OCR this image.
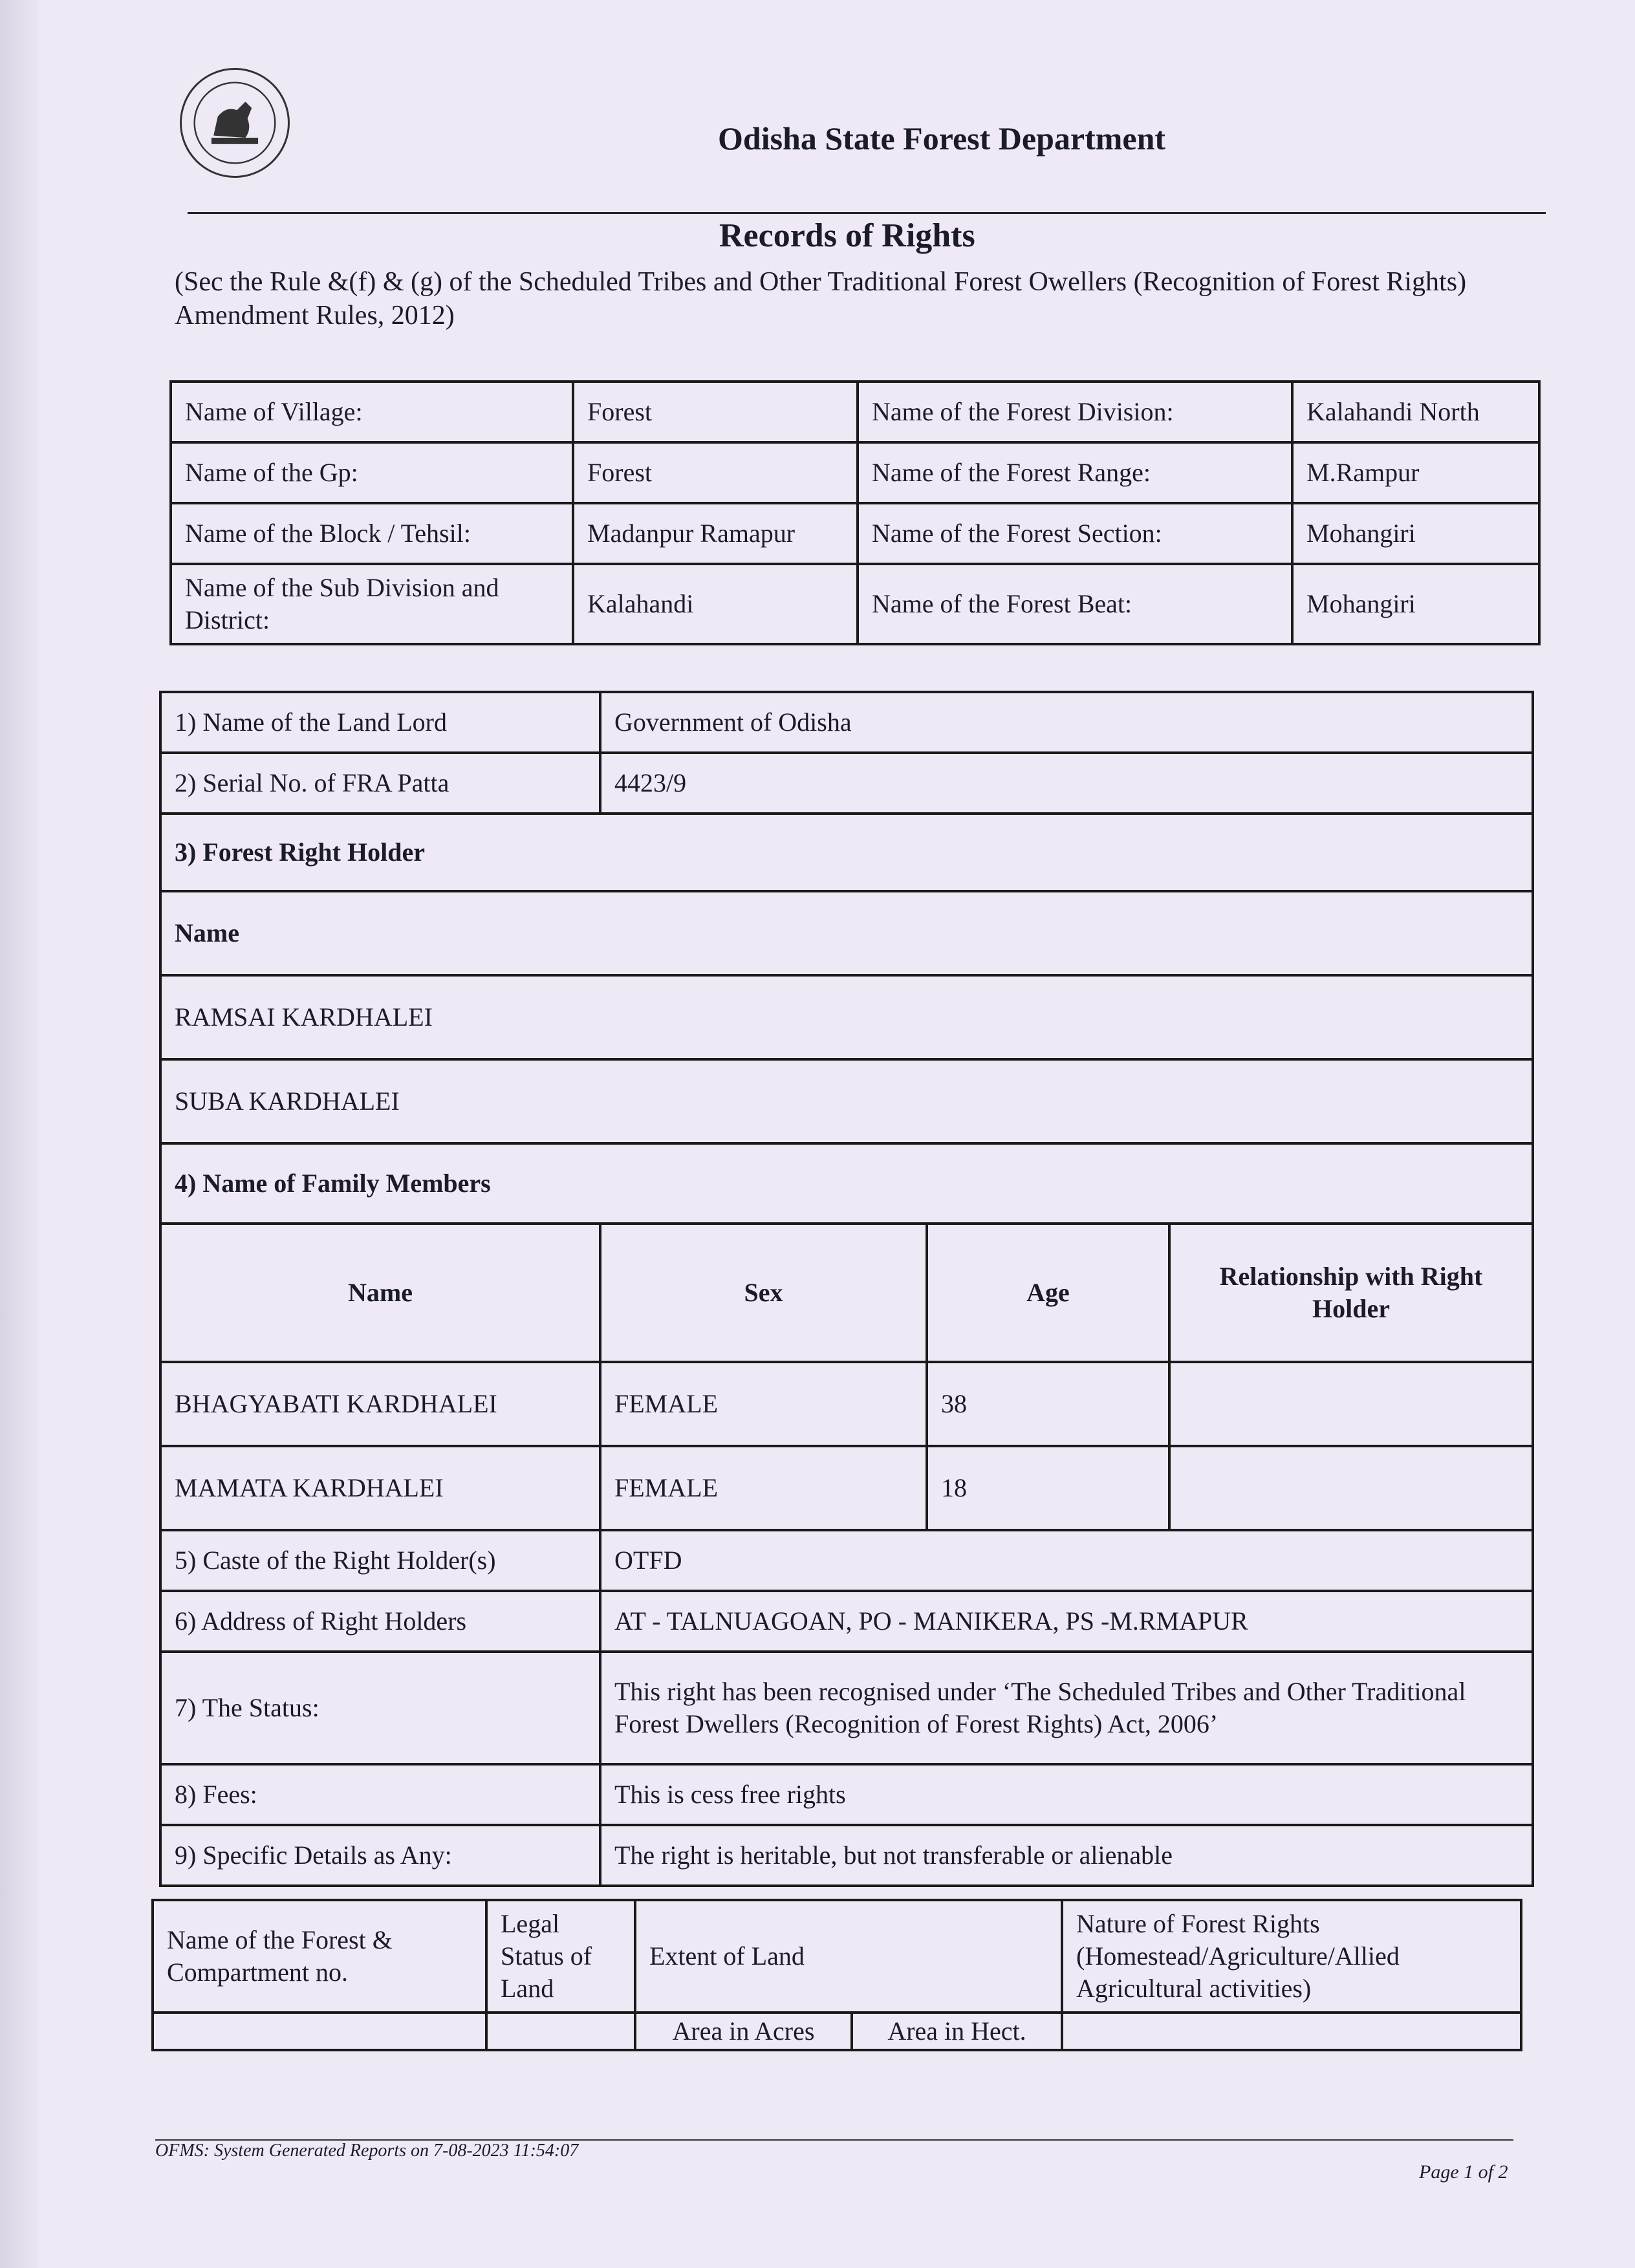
Odisha State Forest Department
Records of Rights
(Sec the Rule &(f) & (g) of the Scheduled Tribes and Other Traditional Forest Owellers (Recognition of Forest Rights) Amendment Rules, 2012)
Name of Village:	Forest	Name of the Forest Division:	Kalahandi North
Name of the Gp:	Forest	Name of the Forest Range:	M.Rampur
Name of the Block / Tehsil:	Madanpur Ramapur	Name of the Forest Section:	Mohangiri
Name of the Sub Division and District:	Kalahandi	Name of the Forest Beat:	Mohangiri
1) Name of the Land Lord	Government of Odisha		
2) Serial No. of FRA Patta	4423/9		
3) Forest Right Holder			
Name			
RAMSAI KARDHALEI			
SUBA KARDHALEI			
4) Name of Family Members			
Name	Sex	Age	Relationship with Right Holder
BHAGYABATI KARDHALEI	FEMALE	38	
MAMATA KARDHALEI	FEMALE	18	
5) Caste of the Right Holder(s)	OTFD		
6) Address of Right Holders	AT - TALNUAGOAN, PO - MANIKERA, PS -M.RMAPUR		
7) The Status:	This right has been recognised under ‘The Scheduled Tribes and Other Traditional
Forest Dwellers (Recognition of Forest Rights) Act, 2006’		

8) Fees:	This is cess free rights		
9) Specific Details as Any:	The right is heritable, but not transferable or alienable		
Name of the Forest & Compartment no.	Legal Status of Land	Extent of Land		Nature of Forest Rights (Homestead/Agriculture/Allied Agricultural activities)
		Area in Acres	Area in Hect.	
OFMS: System Generated Reports on 7-08-2023 11:54:07
Page 1 of 2
